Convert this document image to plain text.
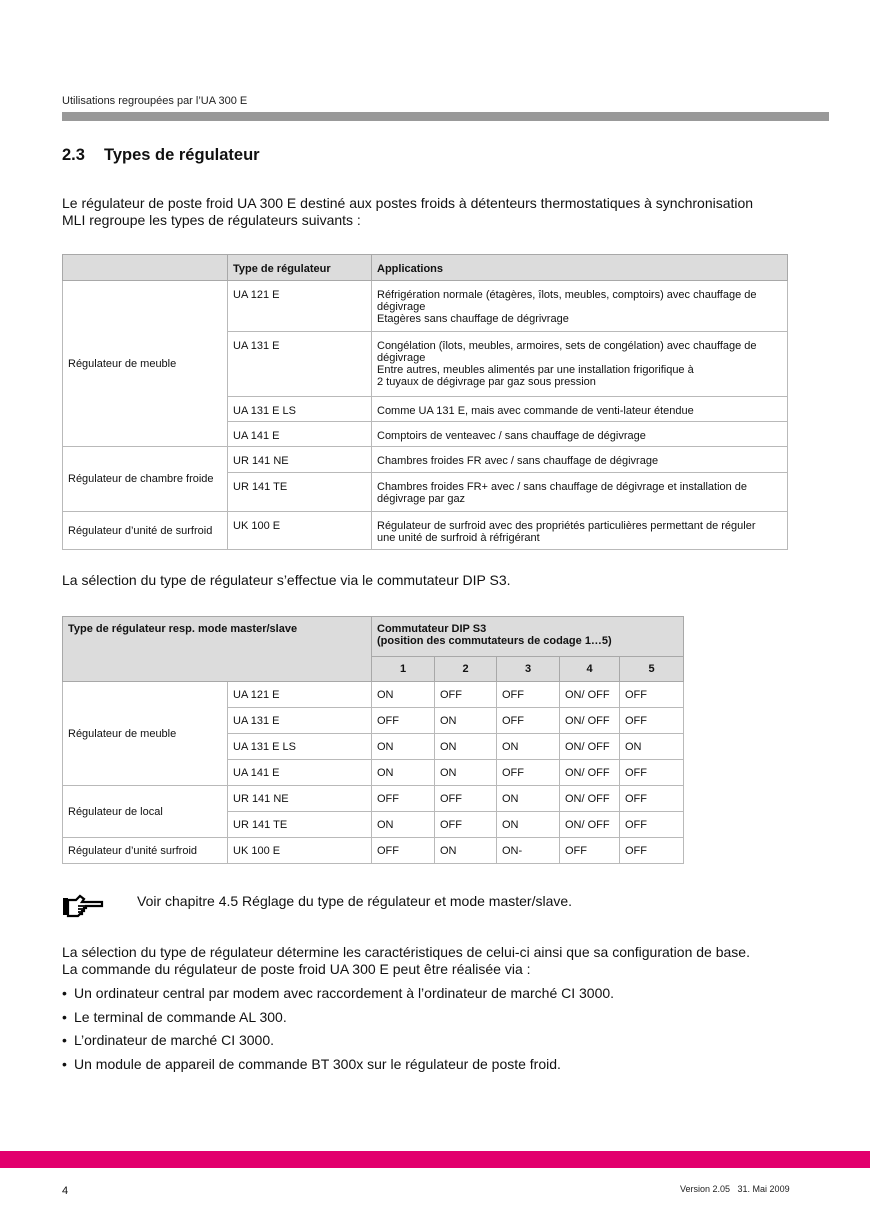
Utilisations regroupées par l’UA 300 E
2.3 Types de régulateur
Le régulateur de poste froid UA 300 E destiné aux postes froids à détenteurs thermostatiques à synchronisation
MLI regroupe les types de régulateurs suivants :
	Type de régulateur	Applications
Régulateur de meuble	UA 121 E	Réfrigération normale (étagères, îlots, meubles, comptoirs) avec chauffage de
dégivrage
Etagères sans chauffage de dégrivrage

	UA 131 E	Congélation (îlots, meubles, armoires, sets de congélation) avec chauffage de
dégivrage
Entre autres, meubles alimentés par une installation frigorifique à
2 tuyaux de dégivrage par gaz sous pression

	UA 131 E LS	Comme UA 131 E, mais avec commande de venti-lateur étendue
	UA 141 E	Comptoirs de venteavec / sans chauffage de dégivrage
Régulateur de chambre froide	UR 141 NE	Chambres froides FR avec / sans chauffage de dégivrage
	UR 141 TE	Chambres froides FR+ avec / sans chauffage de dégivrage et installation de
dégivrage par gaz

Régulateur d’unité de surfroid	UK 100 E	Régulateur de surfroid avec des propriétés particulières permettant de réguler
une unité de surfroid à réfrigérant
La sélection du type de régulateur s’effectue via le commutateur DIP S3.
Type de régulateur resp. mode master/slave		Commutateur DIP S3
(position des commutateurs de codage 1…5)				

		1	2	3	4	5
Régulateur de meuble	UA 121 E	ON	OFF	OFF	ON/ OFF	OFF
	UA 131 E	OFF	ON	OFF	ON/ OFF	OFF
	UA 131 E LS	ON	ON	ON	ON/ OFF	ON
	UA 141 E	ON	ON	OFF	ON/ OFF	OFF
Régulateur de local	UR 141 NE	OFF	OFF	ON	ON/ OFF	OFF
	UR 141 TE	ON	OFF	ON	ON/ OFF	OFF
Régulateur d’unité surfroid	UK 100 E	OFF	ON	ON-	OFF	OFF
Voir chapitre 4.5 Réglage du type de régulateur et mode master/slave.
La sélection du type de régulateur détermine les caractéristiques de celui-ci ainsi que sa configuration de base.
La commande du régulateur de poste froid UA 300 E peut être réalisée via :
• Un ordinateur central par modem avec raccordement à l’ordinateur de marché CI 3000.
• Le terminal de commande AL 300.
• L’ordinateur de marché CI 3000.
• Un module de appareil de commande BT 300x sur le régulateur de poste froid.
4	Version 2.05   31. Mai 2009
